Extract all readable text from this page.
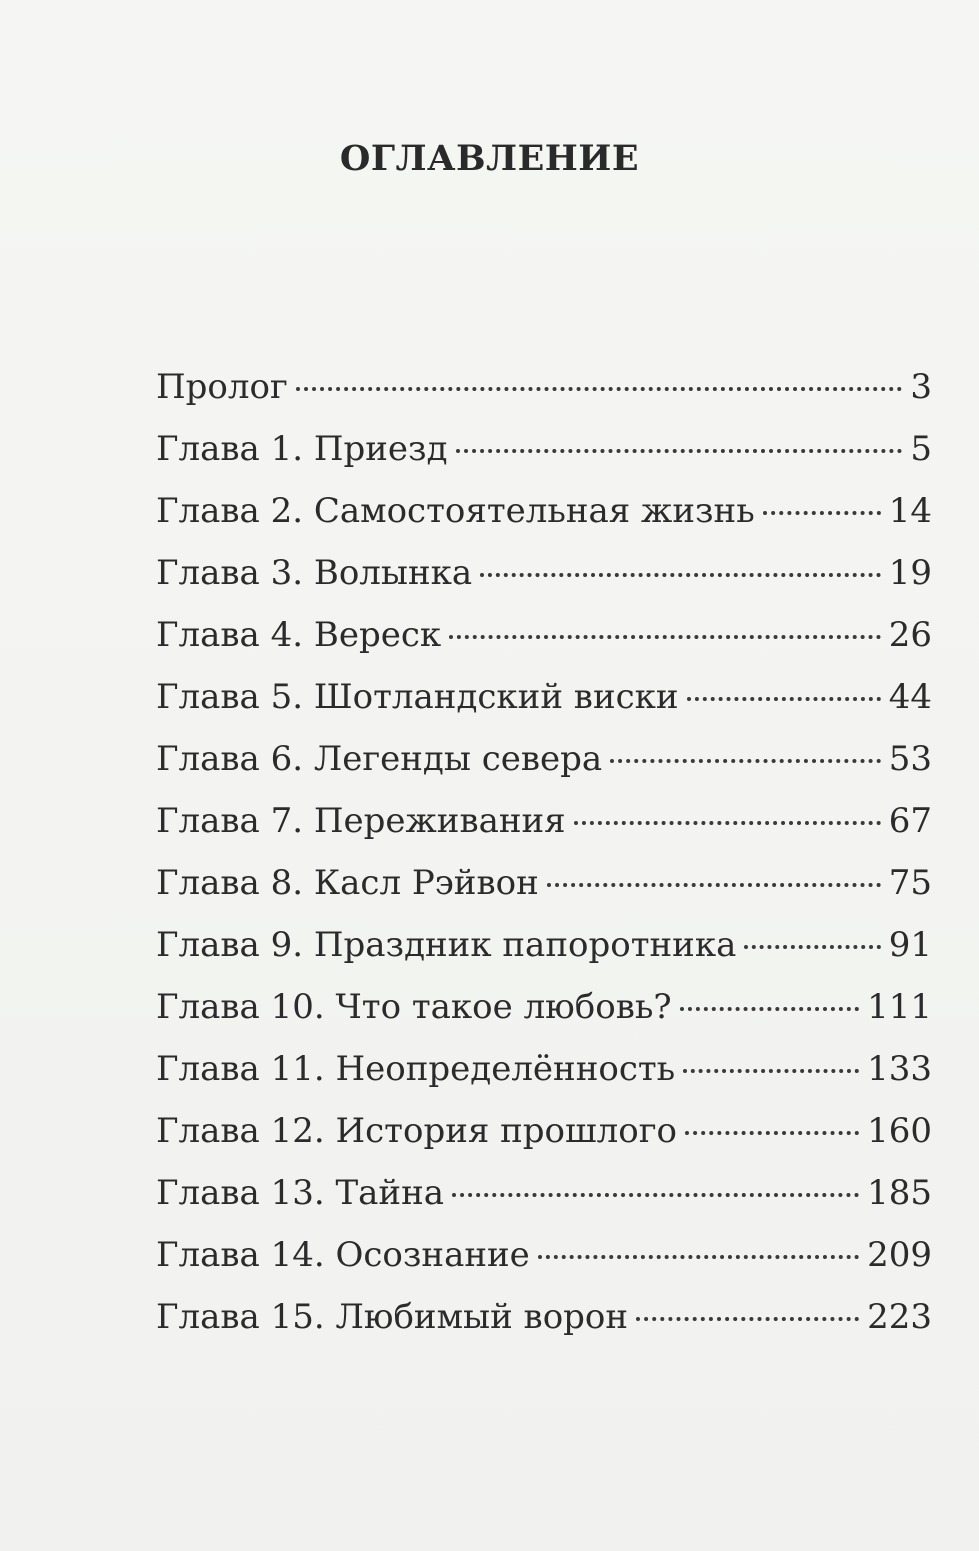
ОГЛАВЛЕНИЕ
Пролог	3
Глава 1. Приезд	5
Глава 2. Самостоятельная жизнь	14
Глава 3. Волынка	19
Глава 4. Вереск	26
Глава 5. Шотландский виски	44
Глава 6. Легенды севера	53
Глава 7. Переживания	67
Глава 8. Касл Рэйвон	75
Глава 9. Праздник папоротника	91
Глава 10. Что такое любовь?	111
Глава 11. Неопределённость	133
Глава 12. История прошлого	160
Глава 13. Тайна	185
Глава 14. Осознание	209
Глава 15. Любимый ворон	223
